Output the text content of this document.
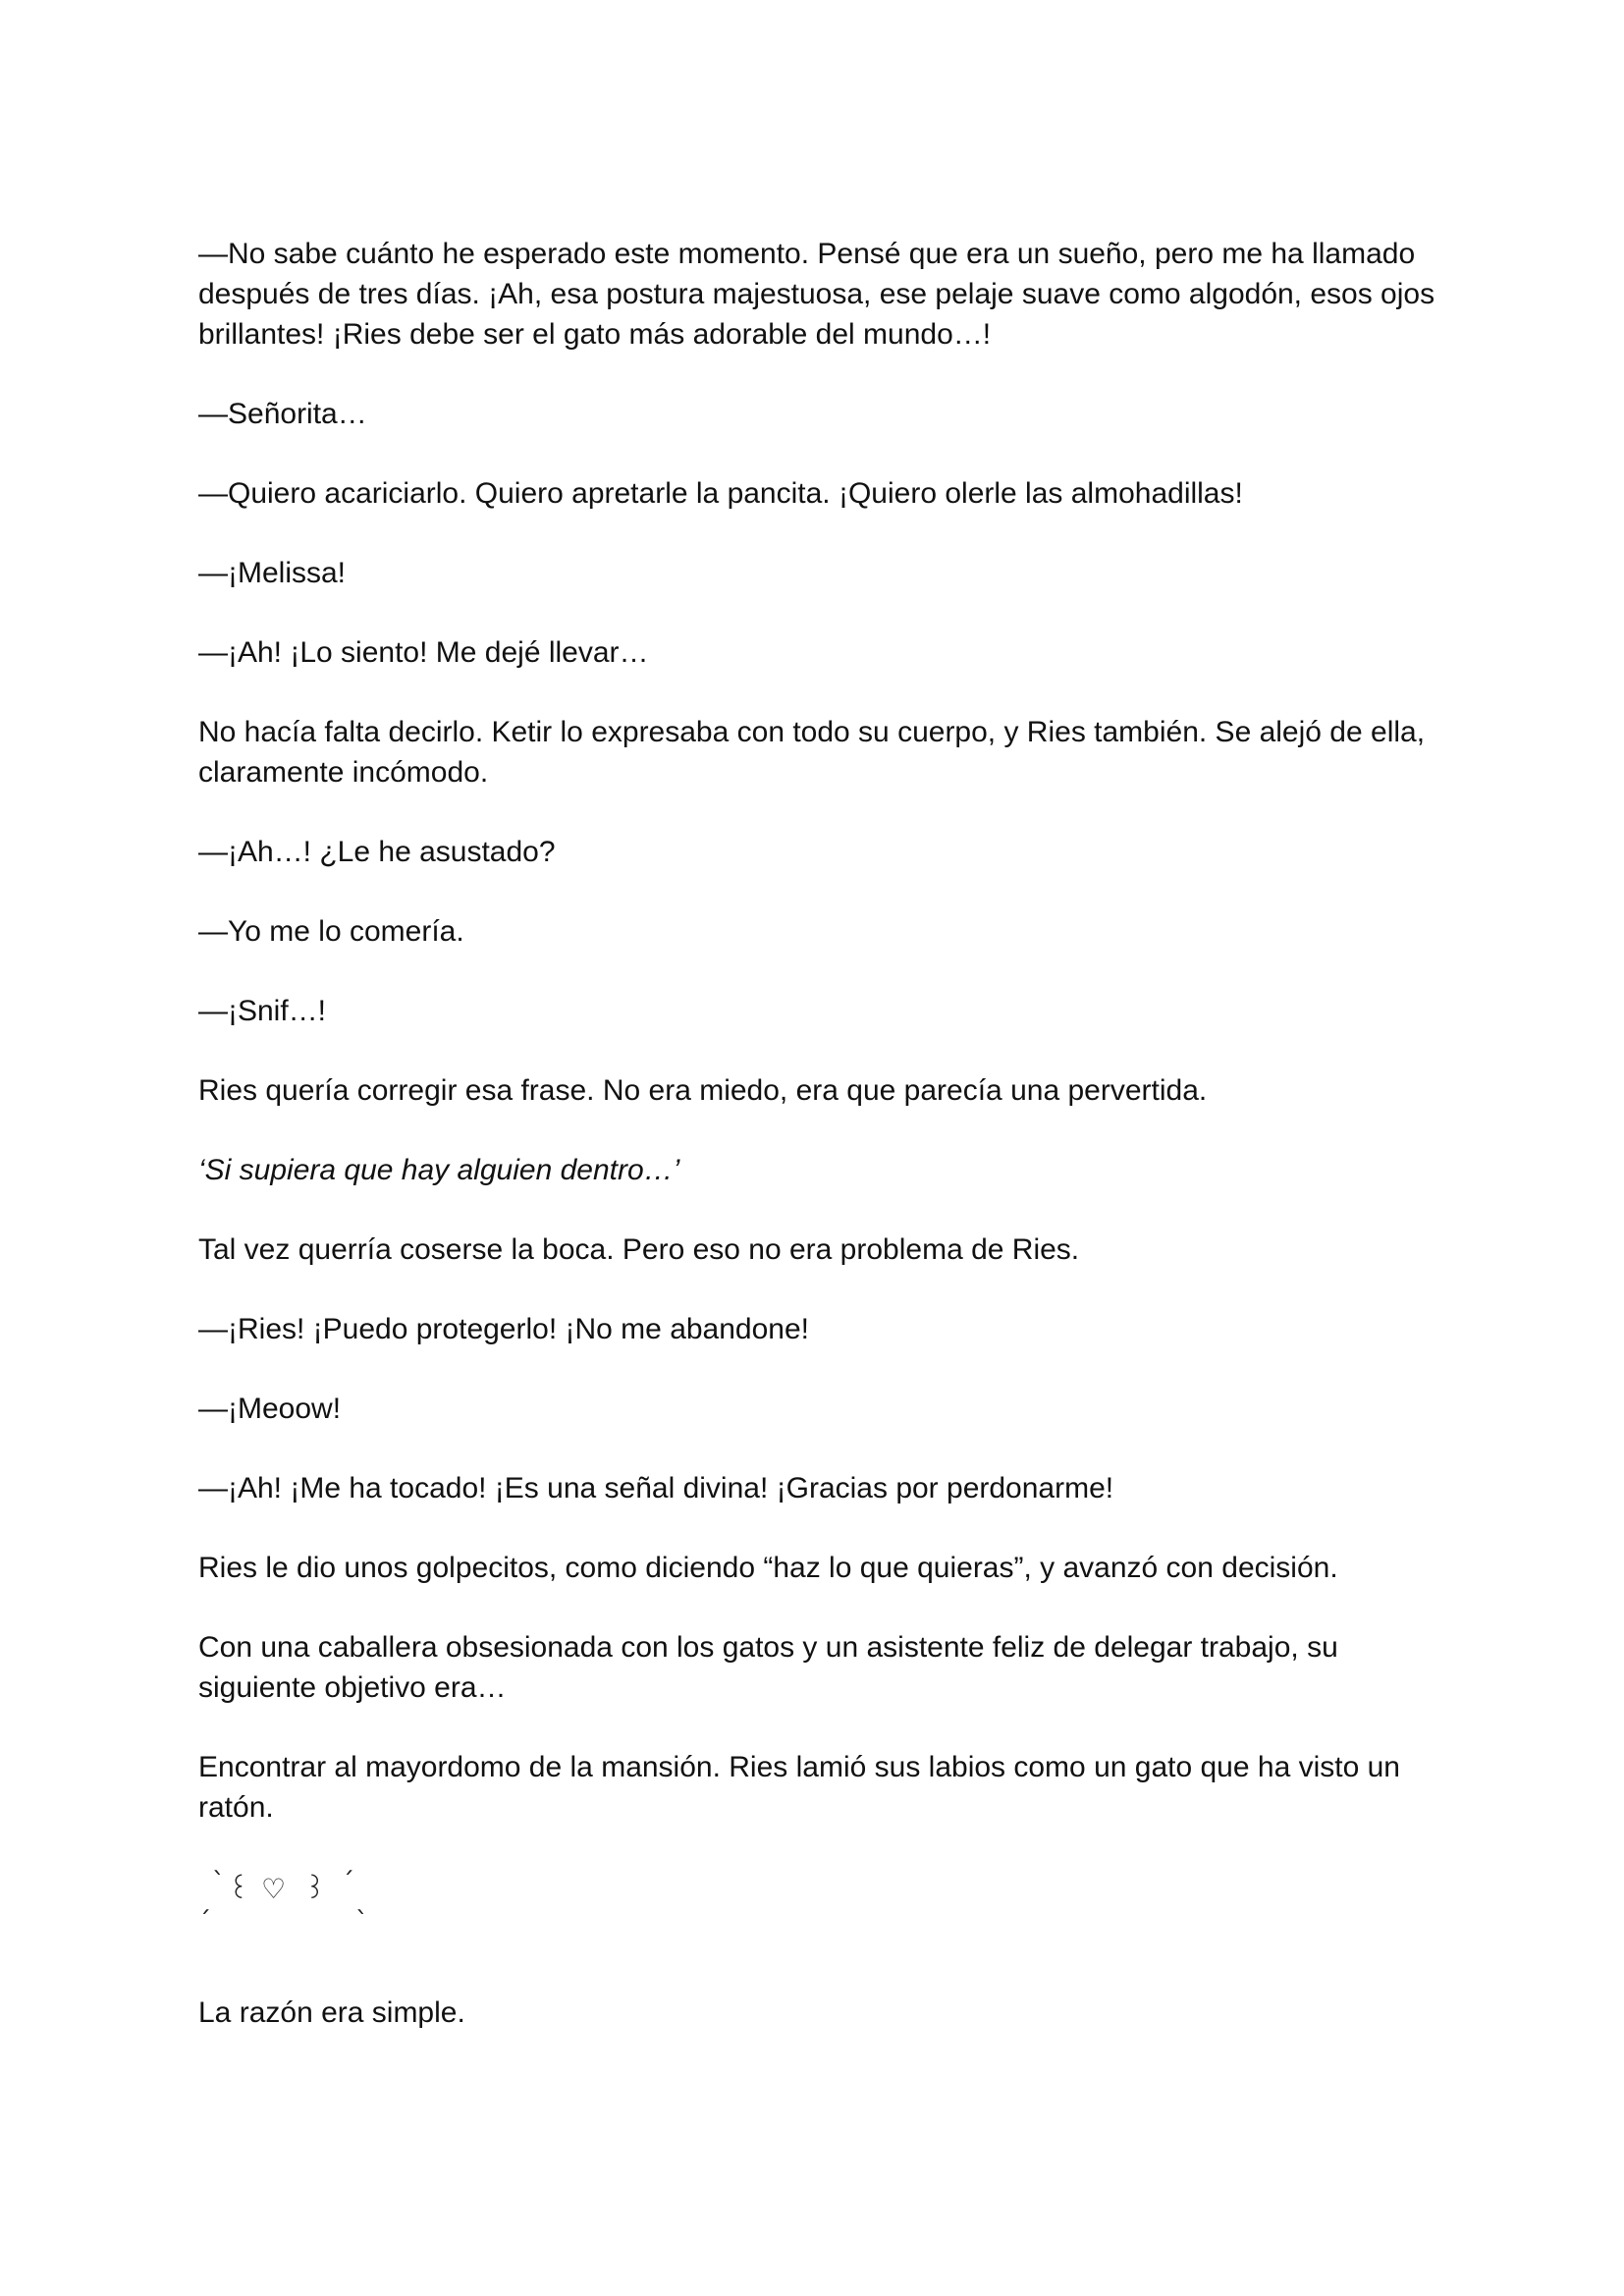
—No sabe cuánto he esperado este momento. Pensé que era un sueño, pero me ha llamado después de tres días. ¡Ah, esa postura majestuosa, ese pelaje suave como algodón, esos ojos brillantes! ¡Ries debe ser el gato más adorable del mundo…!

—Señorita…

—Quiero acariciarlo. Quiero apretarle la pancita. ¡Quiero olerle las almohadillas!

—¡Melissa!

—¡Ah! ¡Lo siento! Me dejé llevar…

No hacía falta decirlo. Ketir lo expresaba con todo su cuerpo, y Ries también. Se alejó de ella, claramente incómodo.

—¡Ah…! ¿Le he asustado?

—Yo me lo comería.

—¡Snif…!

Ries quería corregir esa frase. No era miedo, era que parecía una pervertida.

‘Si supiera que hay alguien dentro…’

Tal vez querría coserse la boca. Pero eso no era problema de Ries.

—¡Ries! ¡Puedo protegerlo! ¡No me abandone!

—¡Meoow!

—¡Ah! ¡Me ha tocado! ¡Es una señal divina! ¡Gracias por perdonarme!

Ries le dio unos golpecitos, como diciendo “haz lo que quieras”, y avanzó con decisión.

Con una caballera obsesionada con los gatos y un asistente feliz de delegar trabajo, su siguiente objetivo era…

Encontrar al mayordomo de la mansión. Ries lamió sus labios como un gato que ha visto un ratón.

ˏ
ˋ ꒰ ♡ ꒱ ˊ
ˎ

La razón era simple.
